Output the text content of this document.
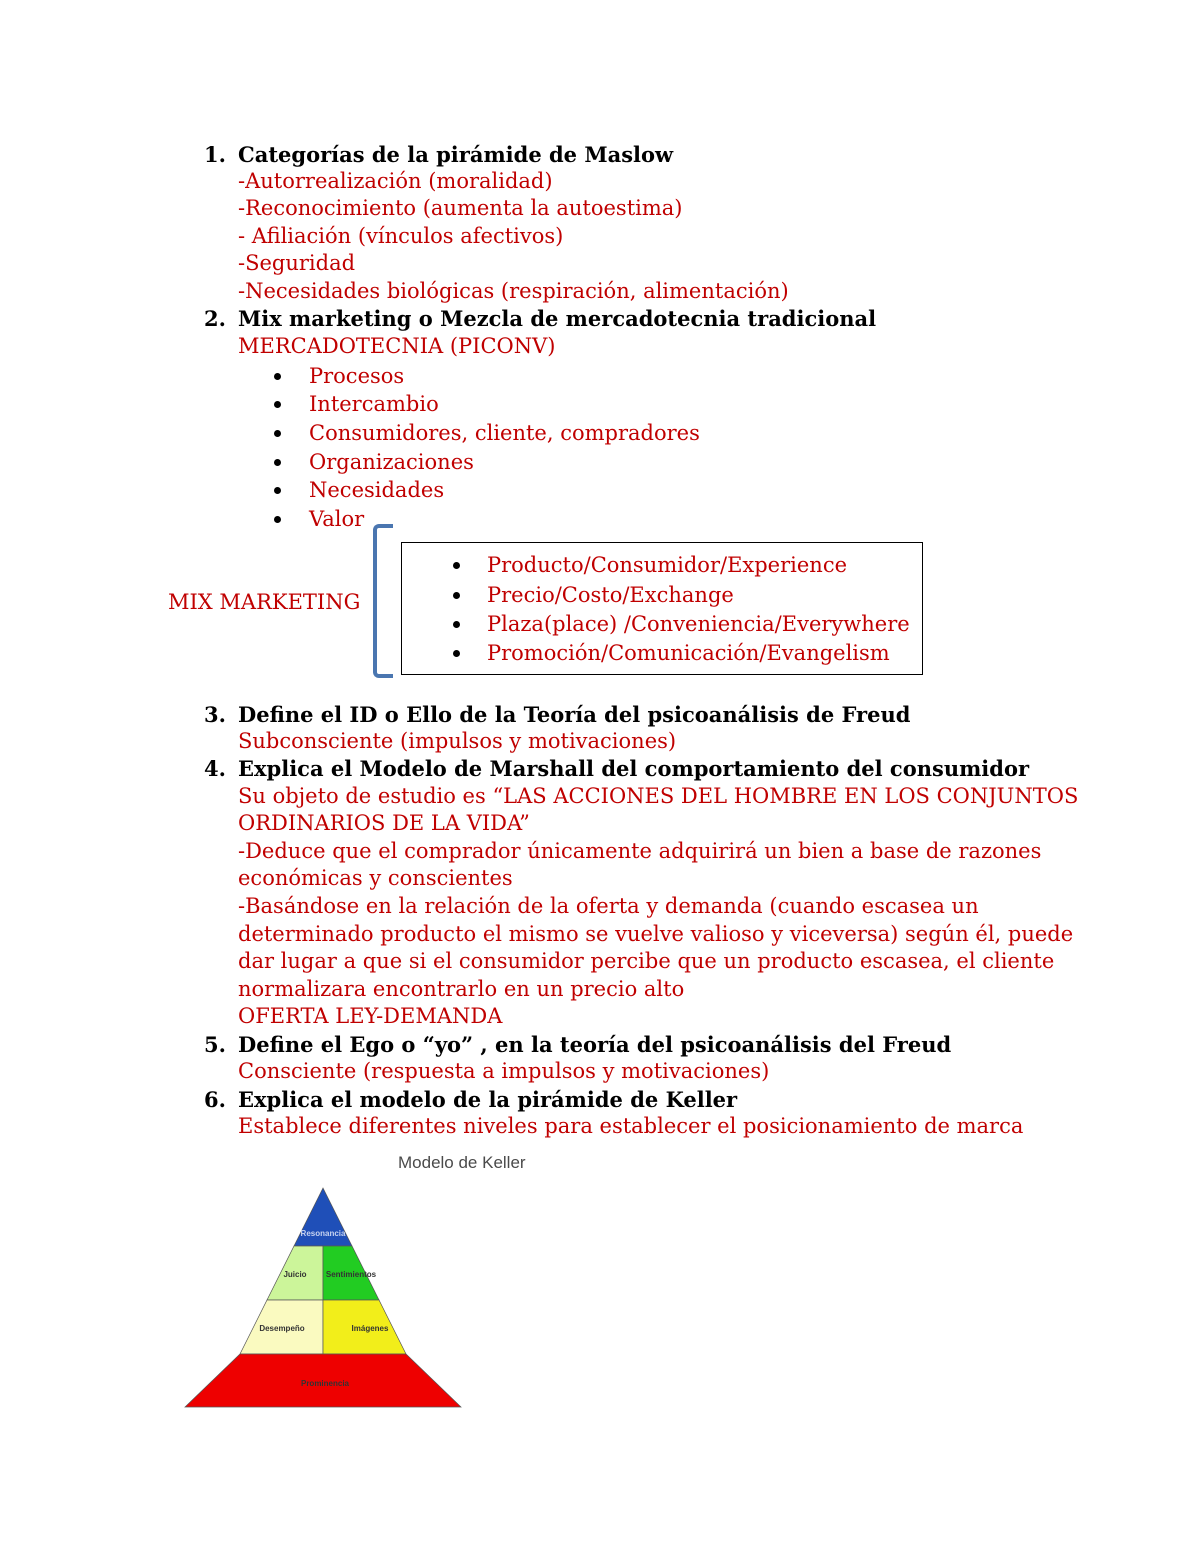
1. Categorías de la pirámide de Maslow
-Autorrealización (moralidad)
-Reconocimiento (aumenta la autoestima)
- Afiliación (vínculos afectivos)
-Seguridad
-Necesidades biológicas (respiración, alimentación)
2. Mix marketing o Mezcla de mercadotecnia tradicional
MERCADOTECNIA (PICONV)
Procesos
Intercambio
Consumidores, cliente, compradores
Organizaciones
Necesidades
Valor
MIX MARKETING
Producto/Consumidor/Experience
Precio/Costo/Exchange
Plaza(place) /Conveniencia/Everywhere
Promoción/Comunicación/Evangelism
3. Define el ID o Ello de la Teoría del psicoanálisis de Freud
Subconsciente (impulsos y motivaciones)
4. Explica el Modelo de Marshall del comportamiento del consumidor
Su objeto de estudio es “LAS ACCIONES DEL HOMBRE EN LOS CONJUNTOS
ORDINARIOS DE LA VIDA”
-Deduce que el comprador únicamente adquirirá un bien a base de razones
económicas y conscientes
-Basándose en la relación de la oferta y demanda (cuando escasea un
determinado producto el mismo se vuelve valioso y viceversa) según él, puede
dar lugar a que si el consumidor percibe que un producto escasea, el cliente
normalizara encontrarlo en un precio alto
OFERTA LEY-DEMANDA
5. Define el Ego o “yo” , en la teoría del psicoanálisis del Freud
Consciente (respuesta a impulsos y motivaciones)
6. Explica el modelo de la pirámide de Keller
Establece diferentes niveles para establecer el posicionamiento de marca
Modelo de Keller
Resonancia
Juicio Sentimientos
Desempeño	Imágenes
Prominencia
